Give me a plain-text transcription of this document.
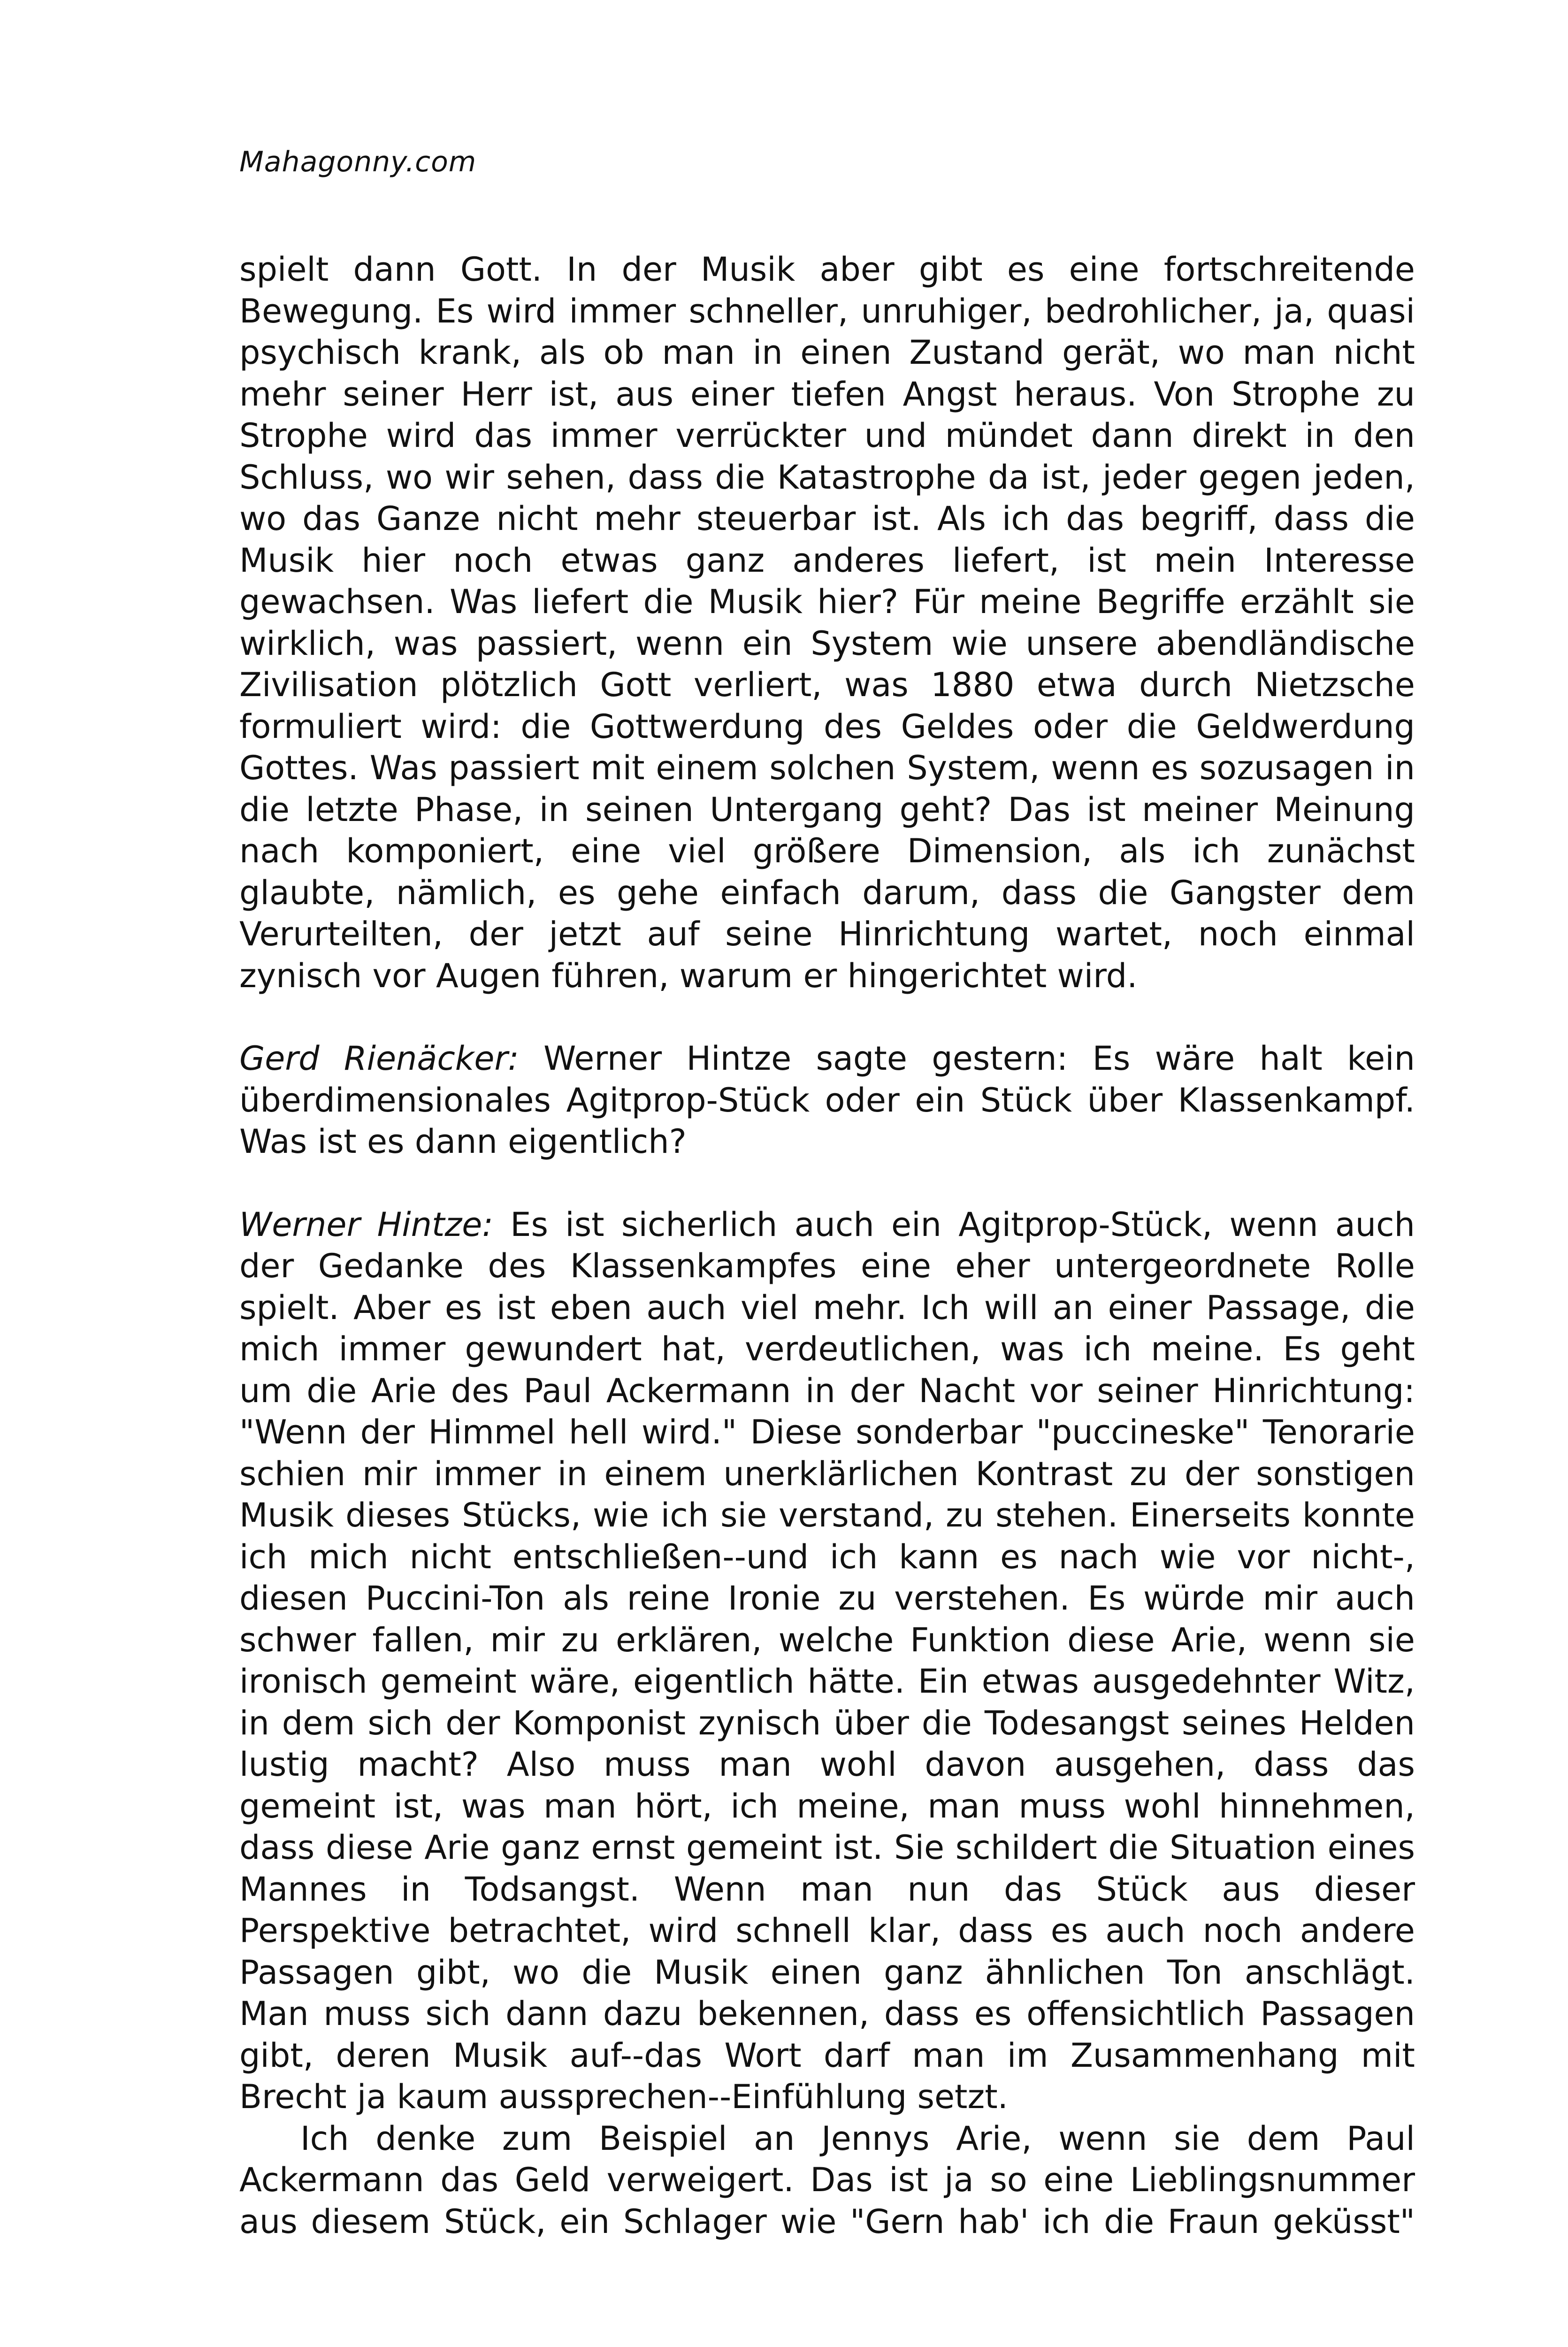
Mahagonny.com
spielt dann Gott. In der Musik aber gibt es eine fortschreitende
Bewegung. Es wird immer schneller, unruhiger, bedrohlicher, ja, quasi
psychisch krank, als ob man in einen Zustand gerät, wo man nicht
mehr seiner Herr ist, aus einer tiefen Angst heraus. Von Strophe zu
Strophe wird das immer verrückter und mündet dann direkt in den
Schluss, wo wir sehen, dass die Katastrophe da ist, jeder gegen jeden,
wo das Ganze nicht mehr steuerbar ist. Als ich das begriff, dass die
Musik hier noch etwas ganz anderes liefert, ist mein Interesse
gewachsen. Was liefert die Musik hier? Für meine Begriffe erzählt sie
wirklich, was passiert, wenn ein System wie unsere abendländische
Zivilisation plötzlich Gott verliert, was 1880 etwa durch Nietzsche
formuliert wird: die Gottwerdung des Geldes oder die Geldwerdung
Gottes. Was passiert mit einem solchen System, wenn es sozusagen in
die letzte Phase, in seinen Untergang geht? Das ist meiner Meinung
nach komponiert, eine viel größere Dimension, als ich zunächst
glaubte, nämlich, es gehe einfach darum, dass die Gangster dem
Verurteilten, der jetzt auf seine Hinrichtung wartet, noch einmal
zynisch vor Augen führen, warum er hingerichtet wird.
Gerd Rienäcker: Werner Hintze sagte gestern: Es wäre halt kein
überdimensionales Agitprop-Stück oder ein Stück über Klassenkampf.
Was ist es dann eigentlich?
Werner Hintze: Es ist sicherlich auch ein Agitprop-Stück, wenn auch
der Gedanke des Klassenkampfes eine eher untergeordnete Rolle
spielt. Aber es ist eben auch viel mehr. Ich will an einer Passage, die
mich immer gewundert hat, verdeutlichen, was ich meine. Es geht
um die Arie des Paul Ackermann in der Nacht vor seiner Hinrichtung:
"Wenn der Himmel hell wird." Diese sonderbar "puccineske" Tenorarie
schien mir immer in einem unerklärlichen Kontrast zu der sonstigen
Musik dieses Stücks, wie ich sie verstand, zu stehen. Einerseits konnte
ich mich nicht entschließen--und ich kann es nach wie vor nicht-,
diesen Puccini-Ton als reine Ironie zu verstehen. Es würde mir auch
schwer fallen, mir zu erklären, welche Funktion diese Arie, wenn sie
ironisch gemeint wäre, eigentlich hätte. Ein etwas ausgedehnter Witz,
in dem sich der Komponist zynisch über die Todesangst seines Helden
lustig macht? Also muss man wohl davon ausgehen, dass das
gemeint ist, was man hört, ich meine, man muss wohl hinnehmen,
dass diese Arie ganz ernst gemeint ist. Sie schildert die Situation eines
Mannes in Todsangst. Wenn man nun das Stück aus dieser
Perspektive betrachtet, wird schnell klar, dass es auch noch andere
Passagen gibt, wo die Musik einen ganz ähnlichen Ton anschlägt.
Man muss sich dann dazu bekennen, dass es offensichtlich Passagen
gibt, deren Musik auf--das Wort darf man im Zusammenhang mit
Brecht ja kaum aussprechen--Einfühlung setzt.
Ich denke zum Beispiel an Jennys Arie, wenn sie dem Paul
Ackermann das Geld verweigert. Das ist ja so eine Lieblingsnummer
aus diesem Stück, ein Schlager wie "Gern hab' ich die Fraun geküsst"
